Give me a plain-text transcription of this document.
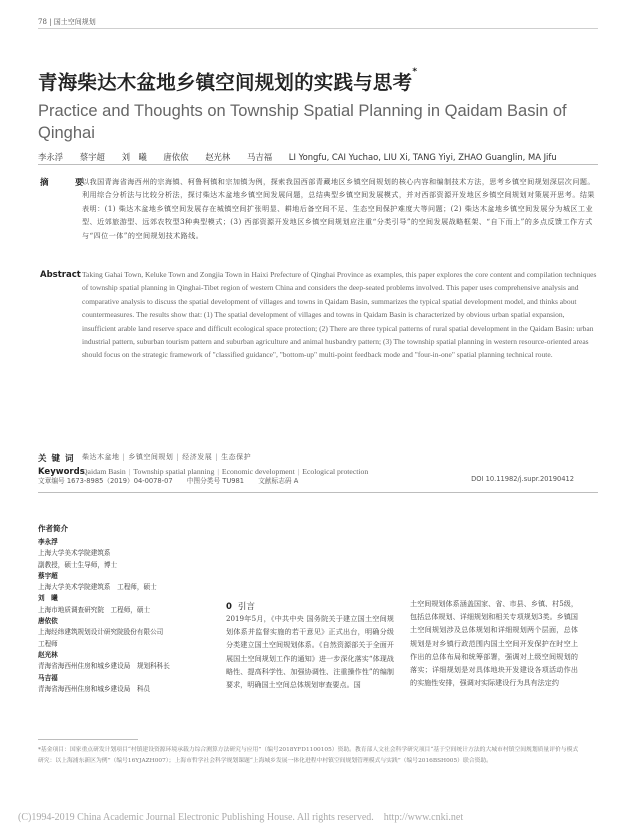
78 | 国土空间规划
青海柴达木盆地乡镇空间规划的实践与思考*
Practice and Thoughts on Township Spatial Planning in Qaidam Basin of Qinghai
李永浮 蔡宇超 刘　曦 唐依依 赵光林 马吉福 LI Yongfu, CAI Yuchao, LIU Xi, TANG Yiyi, ZHAO Guanglin, MA Jifu
摘　要
以我国青海省海西州的宗海镇、柯鲁柯镇和宗加镇为例，探索我国西部青藏地区乡镇空间规划的核心内容和编制技术方法，思考乡镇空间规划深层次问题。利用综合分析法与比较分析法，探讨柴达木盆地乡镇空间发展问题，总结典型乡镇空间发展模式，并对西部资源开发地区乡镇空间规划对策展开思考。结果表明：(1) 柴达木盆地乡镇空间发展存在城镇空间扩张明显、耕地后备空间不足、生态空间保护难度大等问题；(2) 柴达木盆地乡镇空间发展分为城区工业型、近郊旅游型、远郊农牧型3种典型模式；(3) 西部资源开发地区乡镇空间规划应注重“分类引导”的空间发展战略框架、“自下而上”的多点反馈工作方式与“四位一体”的空间规划技术路线。
Abstract Taking Gahai Town, Keluke Town and Zongjia Town in Haixi Prefecture of Qinghai Province as examples, this paper explores the core content and compilation techniques of township spatial planning in Qinghai-Tibet region of western China and considers the deep-seated problems involved. This paper uses comprehensive analysis and comparative analysis to discuss the spatial development of villages and towns in Qaidam Basin, summarizes the typical spatial development model, and thinks about countermeasures. The results show that: (1) The spatial development of villages and towns in Qaidam Basin is characterized by obvious urban spatial expansion, insufficient arable land reserve space and difficult ecological space protection; (2) There are three typical patterns of rural spatial development in the Qaidam Basin: urban industrial pattern, suburban tourism pattern and suburban agriculture and animal husbandry pattern; (3) The township spatial planning in western resource-oriented areas should focus on the strategic framework of "classified guidance", "bottom-up" multi-point feedback mode and "four-in-one" spatial planning technical route.
关键词 柴达木盆地 | 乡镇空间规划 | 经济发展 | 生态保护
Keywords
Qaidam Basin | Township spatial planning | Economic development | Ecological protection
文章编号 1673-8985（2019）04-0078-07 中图分类号 TU981 文献标志码 A	DOI 10.11982/j.supr.20190412
作者简介
李永浮
上海大学美术学院建筑系
副教授，硕士生导师，博士
蔡宇超
上海大学美术学院建筑系　工程师，硕士
刘　曦
上海市地质调查研究院　工程师，硕士
唐依依
上海经纬建筑规划设计研究院股份有限公司
工程师
赵光林
青海省海西州住房和城乡建设局　规划科科长
马吉福
青海省海西州住房和城乡建设局　科员
0 引言
2019年5月，《中共中央 国务院关于建立国土空间规划体系并监督实施的若干意见》正式出台，明确分级分类建立国土空间规划体系。《自然资源部关于全面开展国土空间规划工作的通知》进一步深化落实“体现战略性、提高科学性、加强协调性、注重操作性”的编制要求，明确国土空间总体规划审查要点。国
土空间规划体系涵盖国家、省、市县、乡镇、村5级，包括总体规划、详细规划和相关专项规划3类。乡镇国土空间规划涉及总体规划和详细规划两个层面，总体规划是对乡镇行政范围内国土空间开发保护在时空上作出的总体布局和统筹部署，强调对上级空间规划的落实；详细规划是对具体地块开发建设各项活动作出的实施性安排，强调对实际建设行为具有法定约
*基金项目：国家重点研发计划项目“村镇建设资源环境承载力综合测算方法研究与应用”（编号2018YFD1100105）资助。教育部人文社会科学研究项目“基于空间统计方法的大城市村镇空间规划质量评价与模式研究：以上海浦东新区为例”（编号16YJAZH007）；上海市哲学社会科学规划课题“上海城乡发展一体化进程中村镇空间规划管理模式与实践”（编号2016BSH005）联合资助。
(C)1994-2019 China Academic Journal Electronic Publishing House. All rights reserved.　http://www.cnki.net
